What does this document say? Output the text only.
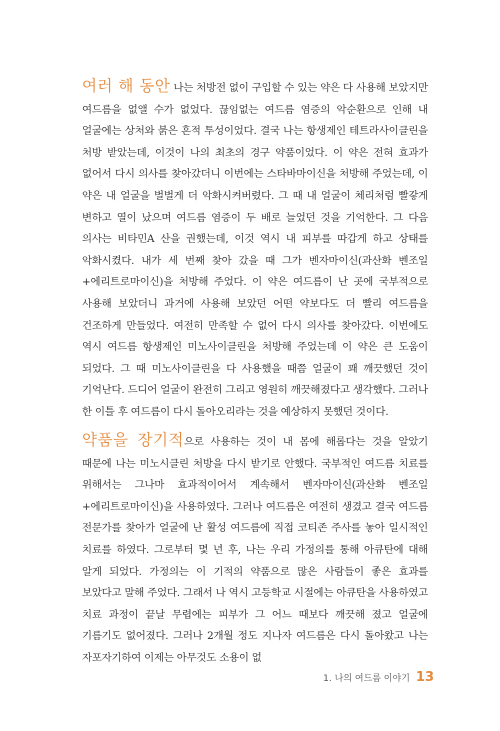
여러 해 동안 나는 처방전 없이 구입할 수 있는 약은 다 사용해 보았지만 여드름을 없앨 수가 없었다. 끊임없는 여드름 염증의 악순환으로 인해 내 얼굴에는 상처와 붉은 흔적 투성이었다. 결국 나는 항생제인 테트라사이클린을 처방 받았는데, 이것이 나의 최초의 경구 약품이었다. 이 약은 전혀 효과가 없어서 다시 의사를 찾아갔더니 이번에는 스타바마이신을 처방해 주었는데, 이 약은 내 얼굴을 벌벌게 더 악화시켜버렸다. 그 때 내 얼굴이 체리처럼 빨갛게 변하고 열이 났으며 여드름 염증이 두 배로 늘었던 것을 기억한다. 그 다음 의사는 비타민A 산을 권했는데, 이것 역시 내 피부를 따갑게 하고 상태를 악화시켰다. 내가 세 번째 찾아 갔을 때 그가 벤자마이신(과산화 벤조일+에리트로마이신)을 처방해 주었다. 이 약은 여드름이 난 곳에 국부적으로 사용해 보았더니 과거에 사용해 보았던 어떤 약보다도 더 빨리 여드름을 건조하게 만들었다. 여전히 만족할 수 없어 다시 의사를 찾아갔다. 이번에도 역시 여드름 항생제인 미노사이클린을 처방해 주었는데 이 약은 큰 도움이 되었다. 그 때 미노사이클린을 다 사용했을 때쯤 얼굴이 꽤 깨끗했던 것이 기억난다. 드디어 얼굴이 완전히 그리고 영원히 깨끗해졌다고 생각했다. 그러나 한 이틀 후 여드름이 다시 돌아오리라는 것을 예상하지 못했던 것이다.

약품을 장기적으로 사용하는 것이 내 몸에 해롭다는 것을 알았기 때문에 나는 미노시클린 처방을 다시 받기로 안했다. 국부적인 여드름 치료를 위해서는 그나마 효과적이어서 계속해서 벤자마이신(과산화 벤조일+에리트로마이신)을 사용하였다. 그러나 여드름은 여전히 생겼고 결국 여드름 전문가를 찾아가 얼굴에 난 활성 여드름에 직접 코티존 주사를 놓아 일시적인 치료를 하였다. 그로부터 몇 년 후, 나는 우리 가정의를 통해 아큐탄에 대해 알게 되었다. 가정의는 이 기적의 약품으로 많은 사람들이 좋은 효과를 보았다고 말해 주었다. 그래서 나 역시 고등학교 시절에는 아큐탄을 사용하였고 치료 과정이 끝날 무렵에는 피부가 그 어느 때보다 깨끗해 졌고 얼굴에 기름기도 없어졌다. 그러나 2개월 정도 지나자 여드름은 다시 돌아왔고 나는 자포자기하여 이제는 아무것도 소용이 없

1. 나의 여드름 이야기 13
